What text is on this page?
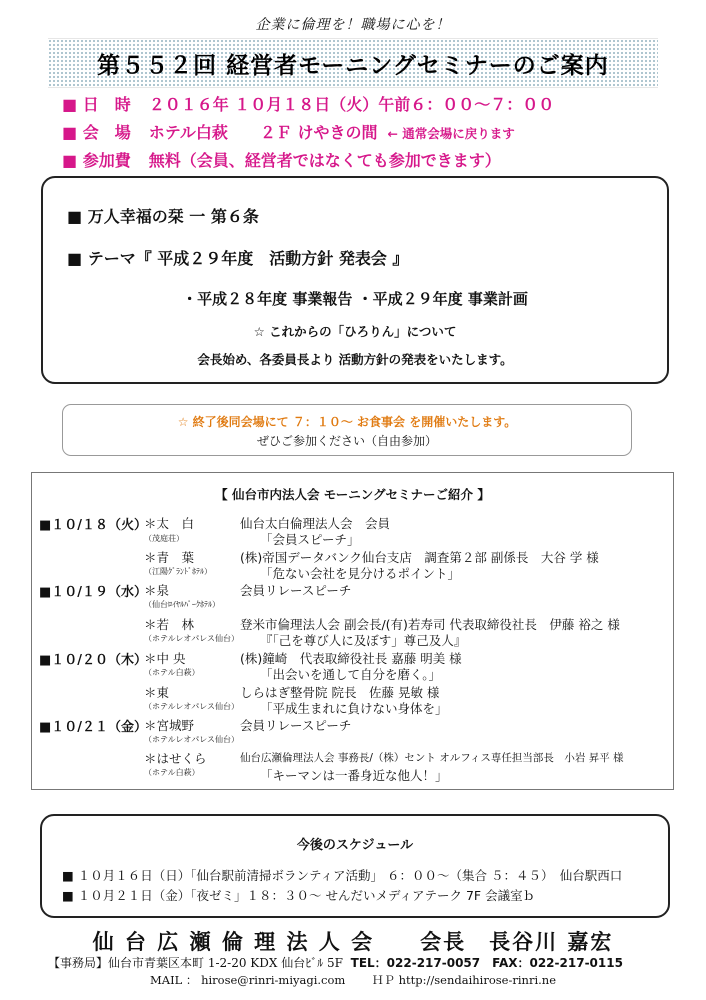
企業に倫理を！職場に心を！
第５５２回 経営者モーニングセミナーのご案内
■ 日　時 ２０１６年 １０月１８日（火）午前６：００～７：００
■ 会　場 ホテル白萩　　２Ｆ けやきの間 ← 通常会場に戻ります
■ 参加費 無料（会員、経営者ではなくても参加できます）
■ 万人幸福の栞 一 第６条
■ テーマ『 平成２９年度　活動方針 発表会 』
・平成２８年度 事業報告 ・平成２９年度 事業計画
☆ これからの「ひろりん」について
会長始め、各委員長より 活動方針の発表をいたします。
☆ 終了後同会場にて ７：１０～ お食事会 を開催いたします。
ぜひご参加ください（自由参加）
【 仙台市内法人会 モーニングセミナーご紹介 】
■１０/１８（火）
＊太　白
（茂庭荘）
仙台太白倫理法人会　会員
「会員スピーチ」
＊青　葉
（江陽ｸﾞﾗﾝﾄﾞﾎﾃﾙ）
(株)帝国データバンク仙台支店　調査第２部 副係長　大谷 学 様
「危ない会社を見分けるポイント」
■１０/１９（水）
＊泉
（仙台ﾛｲﾔﾙﾊﾟｰｸﾎﾃﾙ）
会員リレースピーチ
＊若　林
（ホテルレオパレス仙台）
登米市倫理法人会 副会長/(有)若寿司 代表取締役社長　伊藤 裕之 様
『「己を尊び人に及ぼす」尊己及人』
■１０/２０（木）
＊中 央
（ホテル白萩）
(株)鐘崎　代表取締役社長 嘉藤 明美 様
「出会いを通して自分を磨く。」
＊東
（ホテルレオパレス仙台）
しらはぎ整骨院 院長　佐藤 晃敏 様
「平成生まれに負けない身体を」
■１０/２１（金）
＊宮城野
（ホテルレオパレス仙台）
会員リレースピーチ
＊はせくら
（ホテル白萩）
仙台広瀬倫理法人会 事務長/（株）セント オルフィス専任担当部長　小岩 昇平 様
「キーマンは一番身近な他人！」
今後のスケジュール
■ １０月１６日（日）「仙台駅前清掃ボランティア活動」 ６：００～（集合 ５：４５）　仙台駅西口
■ １０月２１日（金）「夜ゼミ」１８：３０～ せんだいメディアテーク 7F 会議室ｂ
仙 台 広 瀬 倫 理 法 人 会　　会長　長谷川 嘉宏
【事務局】仙台市青葉区本町 1-2-20 KDX 仙台ﾋﾞﾙ 5F TEL：022-217-0057　FAX：022-217-0115
MAIL ： hirose@rinri-miyagi.com　　 ＨＰ http://sendaihirose-rinri.ne
